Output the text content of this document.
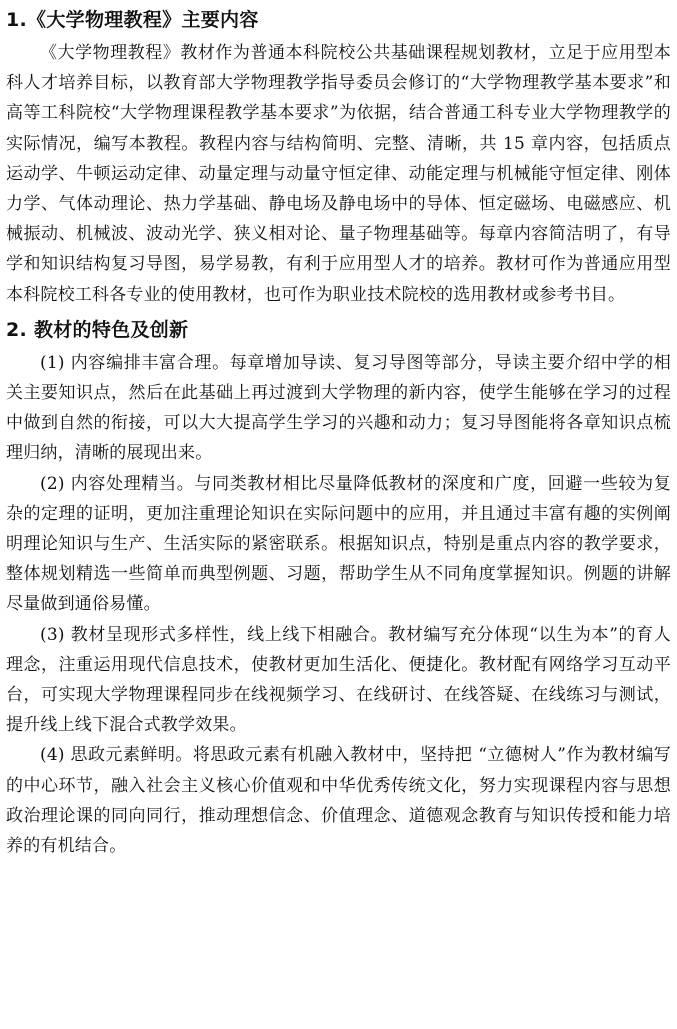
1.《大学物理教程》主要内容

《大学物理教程》教材作为普通本科院校公共基础课程规划教材，立足于应用型本科人才培养目标，以教育部大学物理教学指导委员会修订的“大学物理教学基本要求”和高等工科院校“大学物理课程教学基本要求”为依据，结合普通工科专业大学物理教学的实际情况，编写本教程。教程内容与结构简明、完整、清晰，共 15 章内容，包括质点运动学、牛顿运动定律、动量定理与动量守恒定律、动能定理与机械能守恒定律、刚体力学、气体动理论、热力学基础、静电场及静电场中的导体、恒定磁场、电磁感应、机械振动、机械波、波动光学、狭义相对论、量子物理基础等。每章内容简洁明了，有导学和知识结构复习导图，易学易教，有利于应用型人才的培养。教材可作为普通应用型本科院校工科各专业的使用教材，也可作为职业技术院校的选用教材或参考书目。

2. 教材的特色及创新

(1) 内容编排丰富合理。每章增加导读、复习导图等部分，导读主要介绍中学的相关主要知识点，然后在此基础上再过渡到大学物理的新内容，使学生能够在学习的过程中做到自然的衔接，可以大大提高学生学习的兴趣和动力；复习导图能将各章知识点梳理归纳，清晰的展现出来。

(2) 内容处理精当。与同类教材相比尽量降低教材的深度和广度，回避一些较为复杂的定理的证明，更加注重理论知识在实际问题中的应用，并且通过丰富有趣的实例阐明理论知识与生产、生活实际的紧密联系。根据知识点，特别是重点内容的教学要求，整体规划精选一些简单而典型例题、习题，帮助学生从不同角度掌握知识。例题的讲解尽量做到通俗易懂。

(3) 教材呈现形式多样性，线上线下相融合。教材编写充分体现“以生为本”的育人理念，注重运用现代信息技术，使教材更加生活化、便捷化。教材配有网络学习互动平台，可实现大学物理课程同步在线视频学习、在线研讨、在线答疑、在线练习与测试，提升线上线下混合式教学效果。

(4) 思政元素鲜明。将思政元素有机融入教材中，坚持把 “立德树人”作为教材编写的中心环节，融入社会主义核心价值观和中华优秀传统文化，努力实现课程内容与思想政治理论课的同向同行，推动理想信念、价值理念、道德观念教育与知识传授和能力培养的有机结合。
